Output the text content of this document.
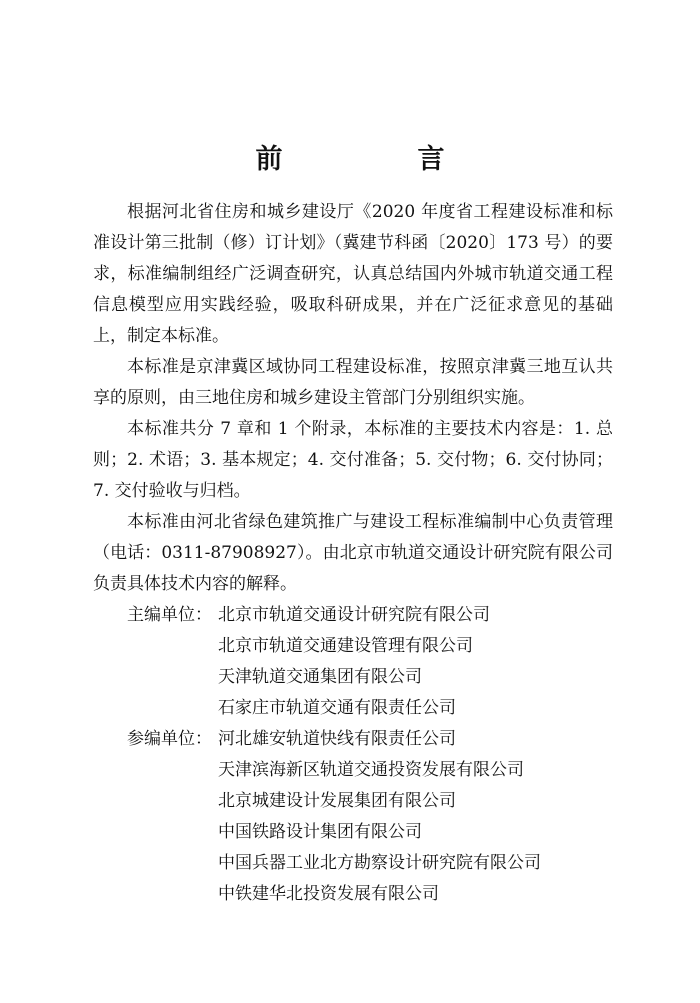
前　言

根据河北省住房和城乡建设厅《2020 年度省工程建设标准和标准设计第三批制（修）订计划》（冀建节科函〔2020〕173 号）的要求，标准编制组经广泛调查研究，认真总结国内外城市轨道交通工程信息模型应用实践经验，吸取科研成果，并在广泛征求意见的基础上，制定本标准。

本标准是京津冀区域协同工程建设标准，按照京津冀三地互认共享的原则，由三地住房和城乡建设主管部门分别组织实施。

本标准共分 7 章和 1 个附录，本标准的主要技术内容是：1. 总则；2. 术语；3. 基本规定；4. 交付准备；5. 交付物；6. 交付协同；7. 交付验收与归档。

本标准由河北省绿色建筑推广与建设工程标准编制中心负责管理（电话：0311-87908927）。由北京市轨道交通设计研究院有限公司负责具体技术内容的解释。

主编单位： 北京市轨道交通设计研究院有限公司
北京市轨道交通建设管理有限公司
天津轨道交通集团有限公司
石家庄市轨道交通有限责任公司
参编单位： 河北雄安轨道快线有限责任公司
天津滨海新区轨道交通投资发展有限公司
北京城建设计发展集团有限公司
中国铁路设计集团有限公司
中国兵器工业北方勘察设计研究院有限公司
中铁建华北投资发展有限公司
